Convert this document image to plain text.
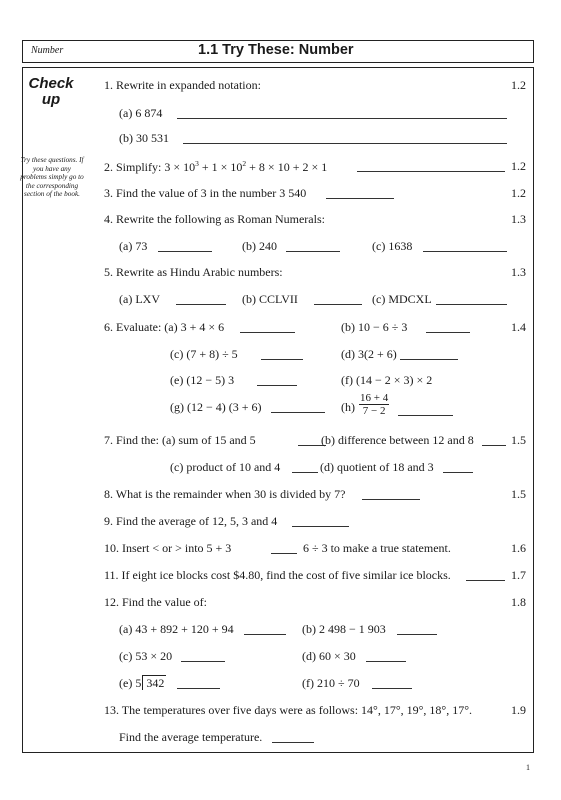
Number	1.1 Try These: Number
Check up
Try these questions. If you have any problems simply go to the corresponding section of the book.
1. Rewrite in expanded notation:	1.2
(a) 6 874
(b) 30 531
2. Simplify: $3 \times 10^3 + 1 \times 10^2 + 8 \times 10 + 2 \times 1$	1.2
3. Find the value of 3 in the number 3 540	1.2
4. Rewrite the following as Roman Numerals:	1.3
(a) 73	(b) 240	(c) 1638
5. Rewrite as Hindu Arabic numbers:	1.3
(a) LXV	(b) CCLVII	(c) MDCXL
6. Evaluate: (a) 3 + 4 × 6	(b) 10 − 6 ÷ 3	1.4
(c) (7 + 8) ÷ 5	(d) 3(2 + 6)
(e) (12 − 5) 3	(f) (14 − 2 × 3) × 2
(g) (12 − 4) (3 + 6)	$(h) \frac{16 + 4}{7 - 2}$
7. Find the: (a) sum of 15 and 5	(b) difference between 12 and 8	1.5
(c) product of 10 and 4	(d) quotient of 18 and 3
8. What is the remainder when 30 is divided by 7?	1.5
9. Find the average of 12, 5, 3 and 4
10. Insert < or > into 5 + 3	6 ÷ 3 to make a true statement.	1.6
11. If eight ice blocks cost $4.80, find the cost of five similar ice blocks.	1.7
12. Find the value of:	1.8
(a) 43 + 892 + 120 + 94	(b) 2 498 − 1 903
(c) 53 × 20	(d) 60 × 30
(e) 5 342	(f) 210 ÷ 70
13. The temperatures over five days were as follows: 14°, 17°, 19°, 18°, 17°.	1.9
Find the average temperature.
1
